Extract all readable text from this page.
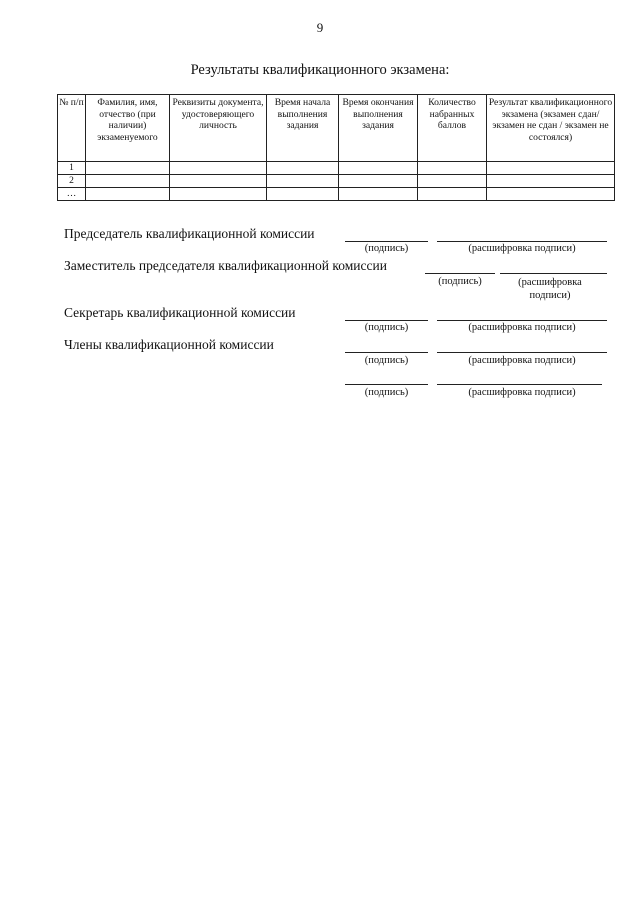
9
Результаты квалификационного экзамена:
№ п/п	Фамилия, имя, отчество (при наличии) экзаменуемого	Реквизиты документа, удостоверяющего личность	Время начала выполнения задания	Время окончания выполнения задания	Количество набранных баллов	Результат квалификационного экзамена (экзамен сдан/ экзамен не сдан / экзамен не состоялся)
1						
2						
…						
Председатель квалификационной комиссии
(подпись)	(расшифровка подписи)
Заместитель председателя квалификационной комиссии
(подпись)	(расшифровка подписи)
Секретарь квалификационной комиссии
(подпись)	(расшифровка подписи)
Члены квалификационной комиссии
(подпись)	(расшифровка подписи)
(подпись)	(расшифровка подписи)
